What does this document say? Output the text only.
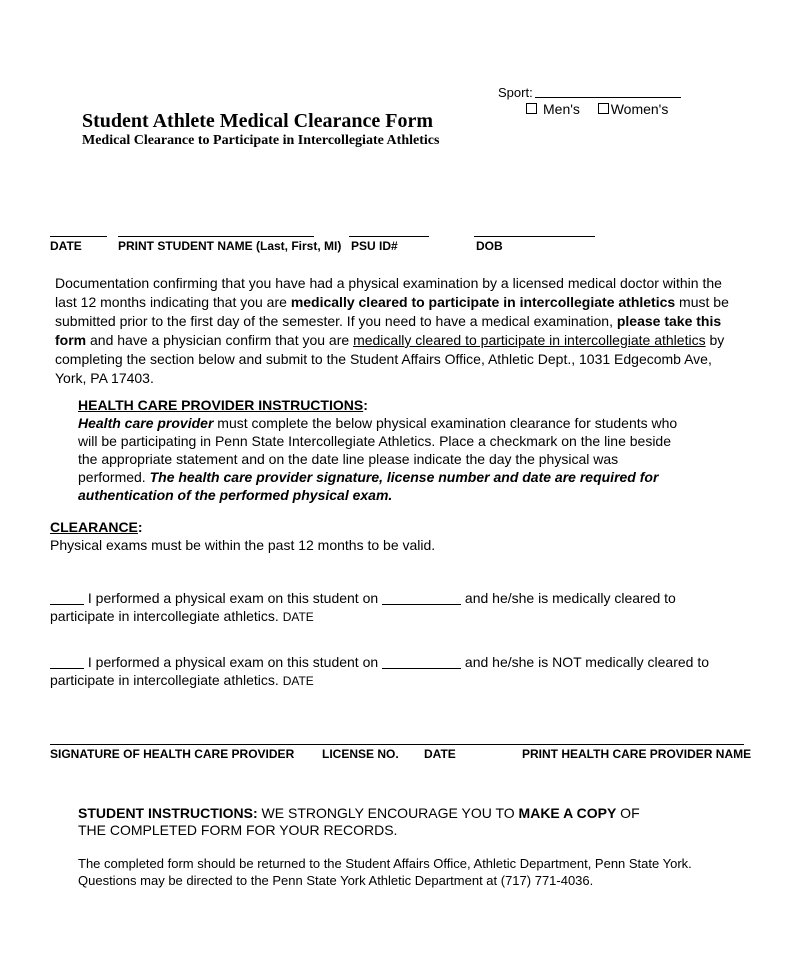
Sport:
Men's Women's
Student Athlete Medical Clearance Form
Medical Clearance to Participate in Intercollegiate Athletics
DATE	PRINT STUDENT NAME (Last, First, MI) PSU ID#	DOB
Documentation confirming that you have had a physical examination by a licensed medical doctor within the last 12 months indicating that you are medically cleared to participate in intercollegiate athletics must be submitted prior to the first day of the semester. If you need to have a medical examination, please take this form and have a physician confirm that you are medically cleared to participate in intercollegiate athletics by completing the section below and submit to the Student Affairs Office, Athletic Dept., 1031 Edgecomb Ave, York, PA 17403.
HEALTH CARE PROVIDER INSTRUCTIONS:
Health care provider must complete the below physical examination clearance for students who will be participating in Penn State Intercollegiate Athletics. Place a checkmark on the line beside the appropriate statement and on the date line please indicate the day the physical was performed. The health care provider signature, license number and date are required for authentication of the performed physical exam.
CLEARANCE:
Physical exams must be within the past 12 months to be valid.
I performed a physical exam on this student on	and he/she is medically cleared to participate in intercollegiate athletics. DATE
I performed a physical exam on this student on	and he/she is NOT medically cleared to participate in intercollegiate athletics. DATE
SIGNATURE OF HEALTH CARE PROVIDER LICENSE NO. DATE	PRINT HEALTH CARE PROVIDER NAME
STUDENT INSTRUCTIONS: WE STRONGLY ENCOURAGE YOU TO MAKE A COPY OF THE COMPLETED FORM FOR YOUR RECORDS.
The completed form should be returned to the Student Affairs Office, Athletic Department, Penn State York.
Questions may be directed to the Penn State York Athletic Department at (717) 771-4036.
